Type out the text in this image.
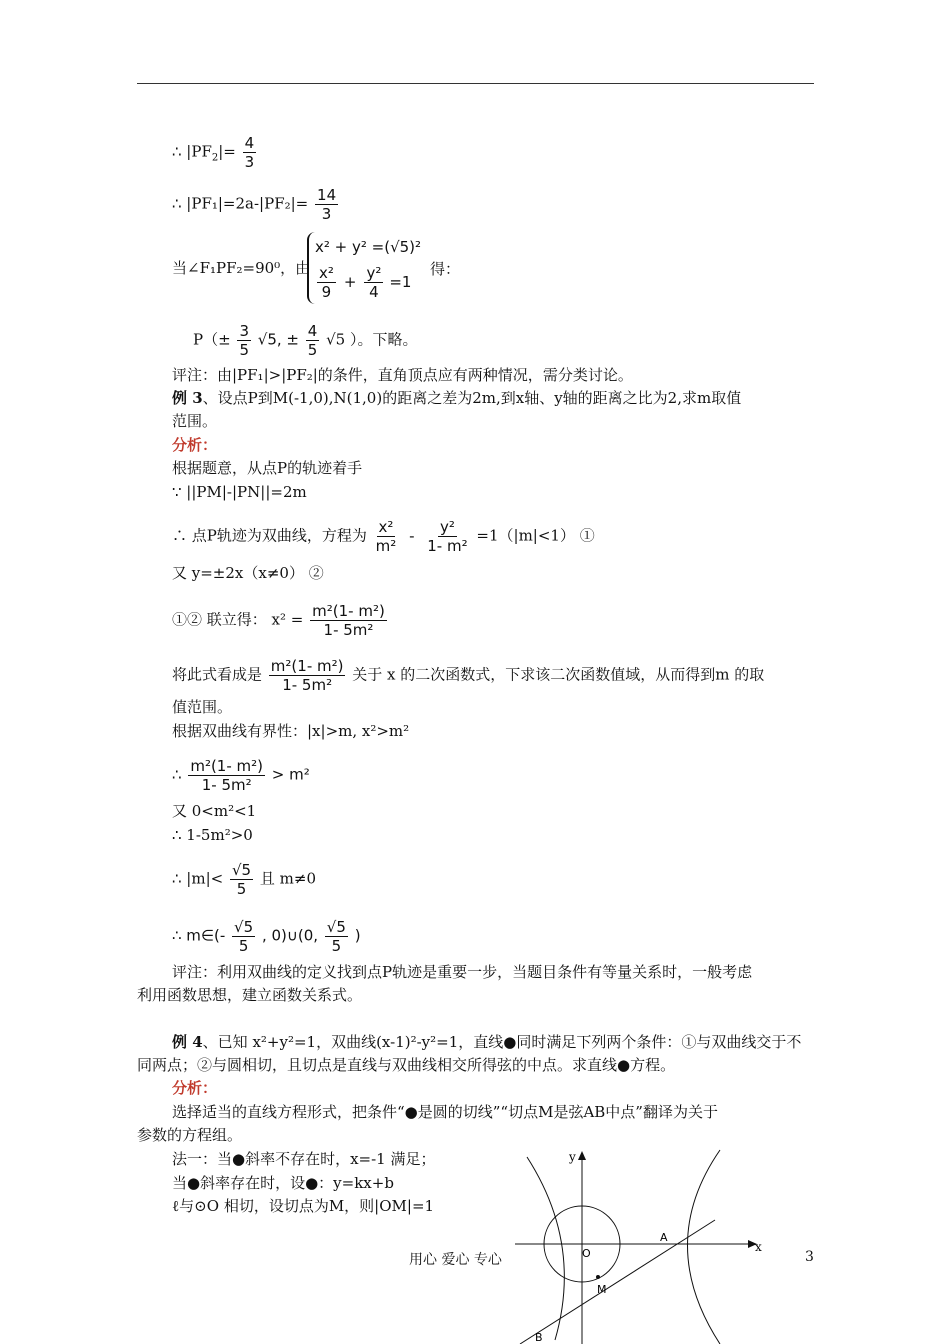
∴ $|PF_2|= \frac{4}{3}$
∴ $|PF_1|=2a-|PF_2|= \frac{14}{3}$
当∠F₁PF₂=90⁰，由
x² + y² =(√5)²
$\frac{\text{x²}}{9} + \frac{\text{y²}}{4} =1$
得：
$P(\pm \frac{3}{5} √5$, ± $\frac{4}{5} √5$ ）。下略。
评注：由|PF₁|>|PF₂|的条件，直角顶点应有两种情况，需分类讨论。
例 3、设点P到M(-1,0),N(1,0)的距离之差为2m,到x轴、y轴的距离之比为2,求m取值
范围。
分析：
根据题意，从点P的轨迹着手
∵ ||PM|-|PN||=2m
∴ 点P轨迹为双曲线，方程为 $\frac{\text{x²}}{\text{m²}} - \frac{\text{y²}}{\text{1- m²}} =1(|m|<1)$ ①
又 y=±2x（x≠0） ②
①② 联立得： $x^2 = \frac{\text{m²(1- m²)}}{\text{1- 5m²}}$
将此式看成是 $\frac{\text{m²(1- m²)}}{\text{1- 5m²}}$ 关于 x 的二次函数式，下求该二次函数值域，从而得到m 的取
值范围。
根据双曲线有界性：|x|>m, x²>m²
∴ $\frac{\text{m²(1- m²)}}{\text{1- 5m²}} > m^2$
又 0<m²<1
∴ 1-5m²>0
∴ $|m|< \frac{√5}{5}$ 且 m≠0
∴ m∈(- $\frac{√5}{5}$ , 0)∪(0, $\frac{√5}{5}$ )
评注：利用双曲线的定义找到点P轨迹是重要一步，当题目条件有等量关系时，一般考虑
利用函数思想，建立函数关系式。
例 4、已知 x²+y²=1，双曲线(x-1)²-y²=1，直线●同时满足下列两个条件：①与双曲线交于不
同两点；②与圆相切，且切点是直线与双曲线相交所得弦的中点。求直线●方程。
分析：
选择适当的直线方程形式，把条件“●是圆的切线”“切点M是弦AB中点”翻译为关于
参数的方程组。
法一：当●斜率不存在时，x=-1 满足；
当●斜率存在时，设●：y=kx+b
ℓ与⊙O 相切，设切点为M，则|OM|=1
用心 爱心 专心	3
y
x
O
A
M
B
